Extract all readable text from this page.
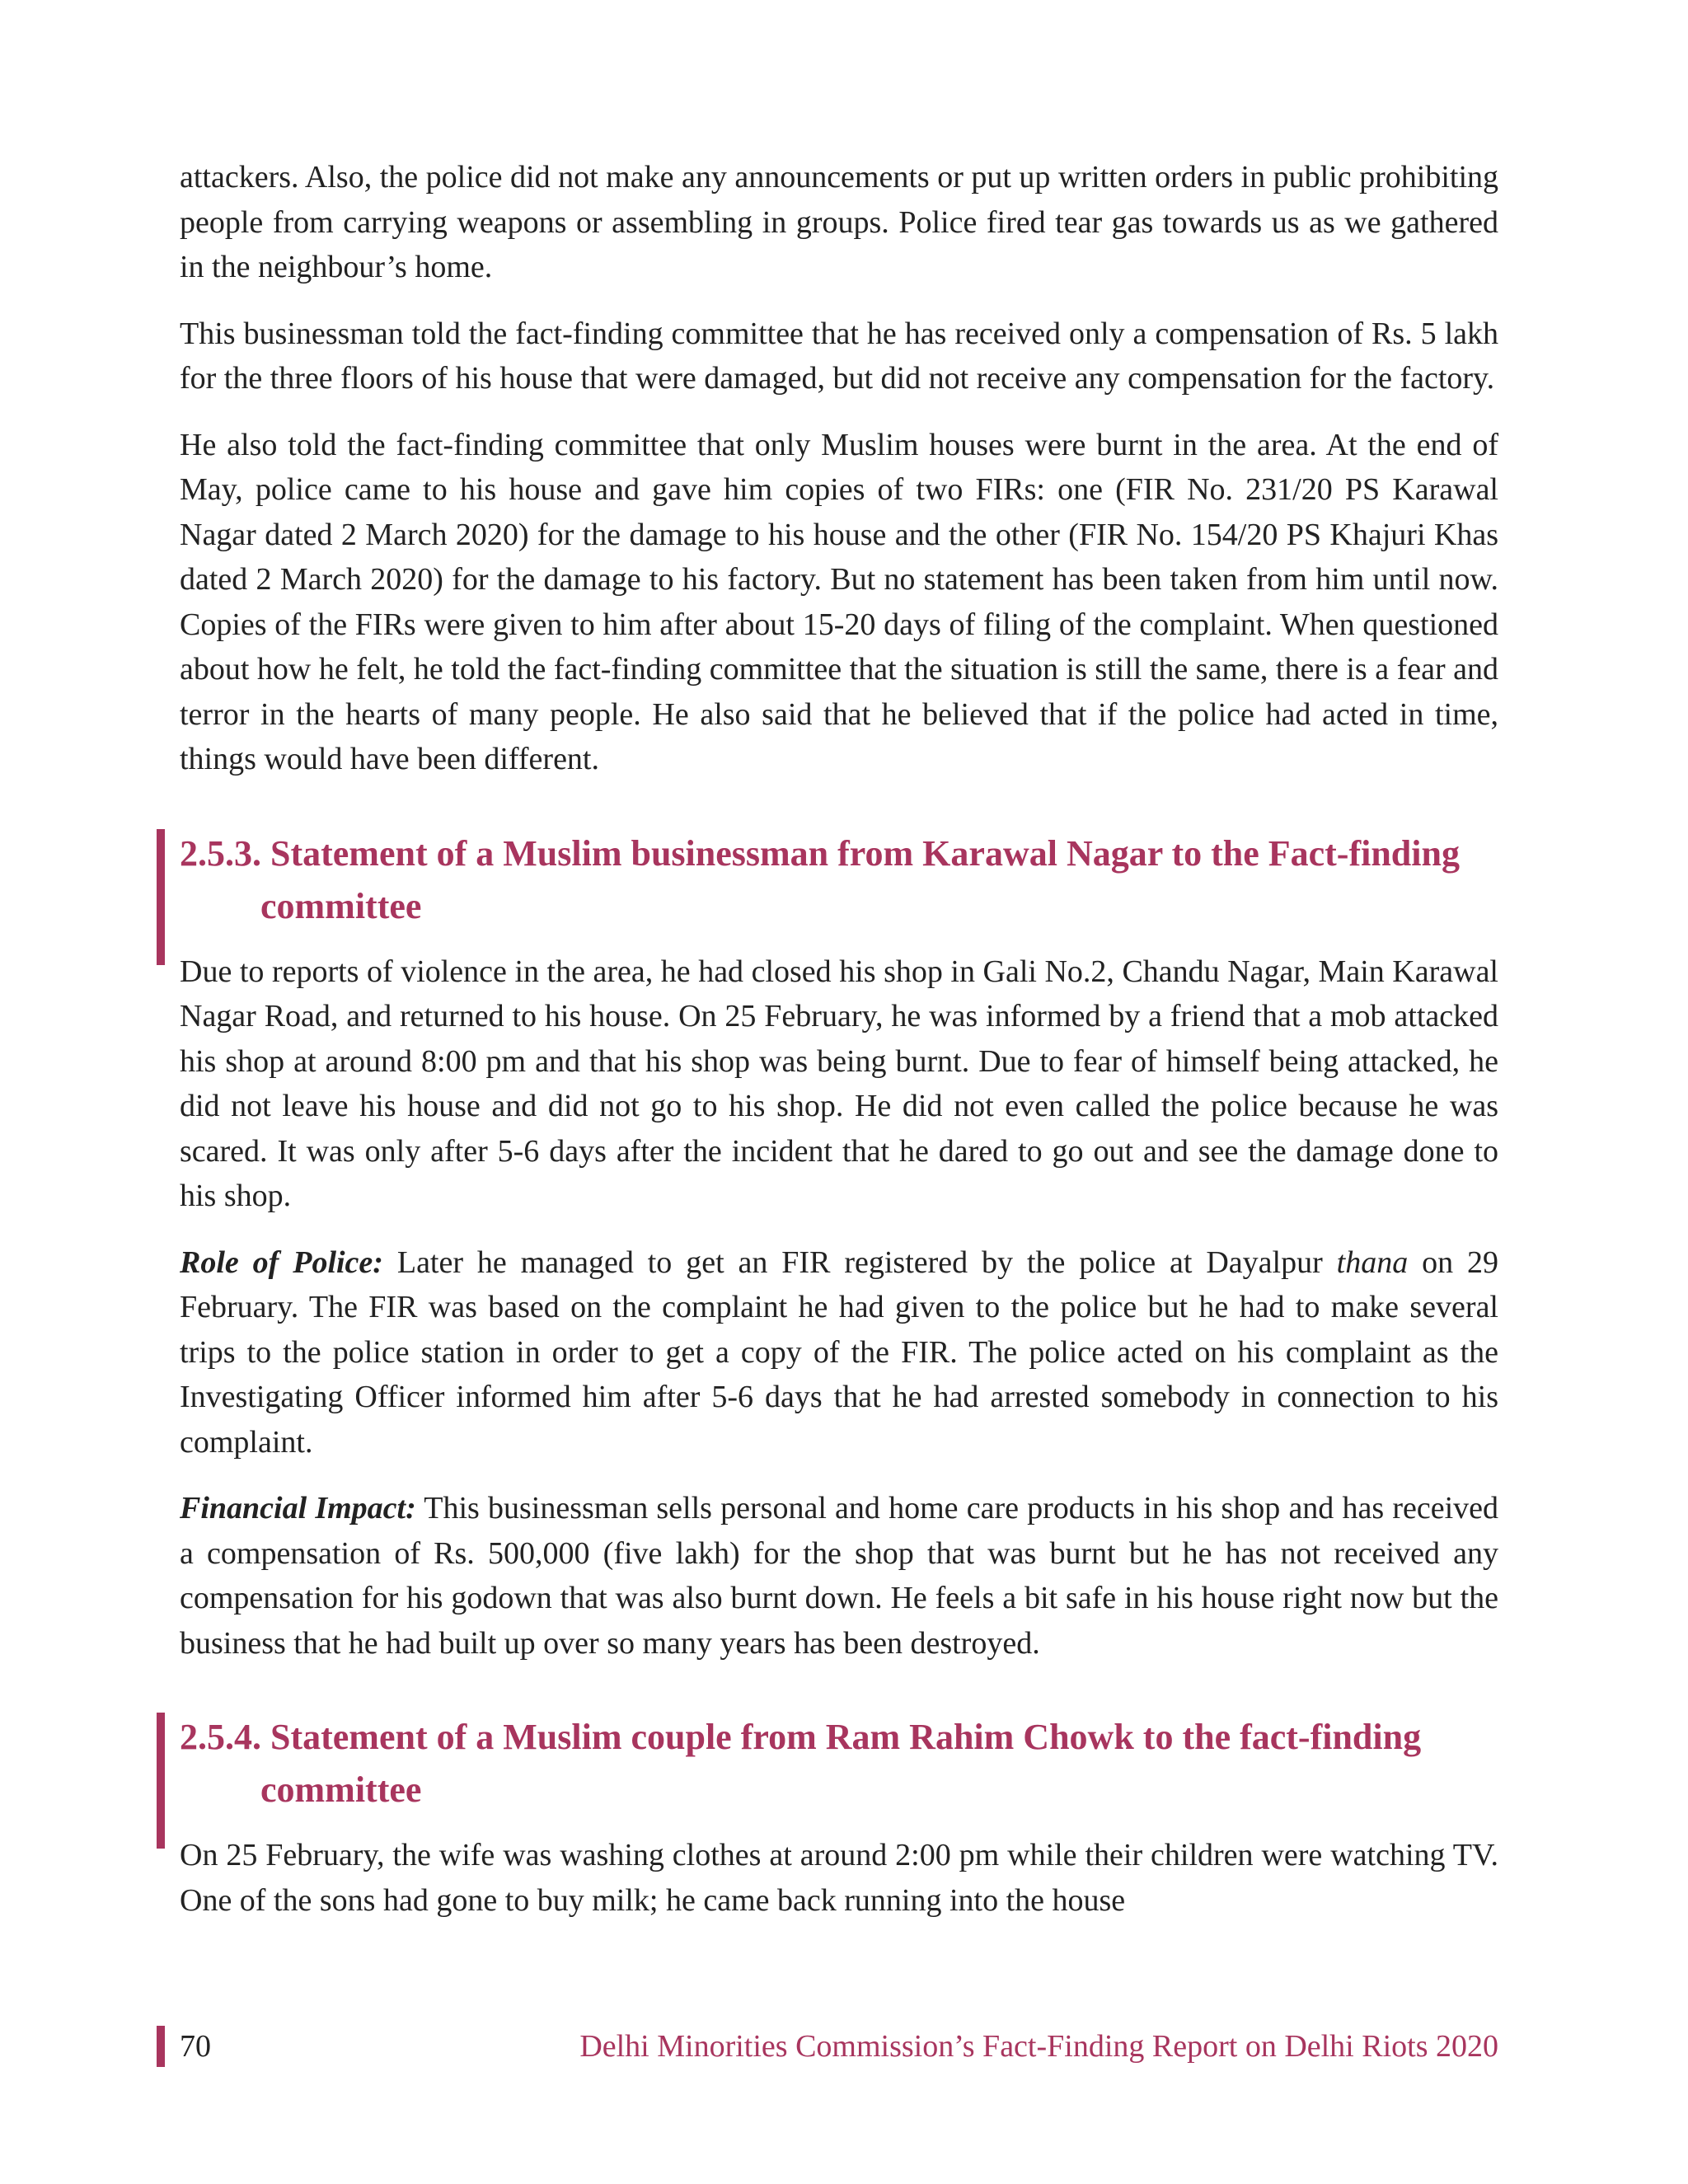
attackers. Also, the police did not make any announcements or put up written orders in public prohibiting people from carrying weapons or assembling in groups. Police fired tear gas towards us as we gathered in the neighbour’s home.

This businessman told the fact-finding committee that he has received only a compensation of Rs. 5 lakh for the three floors of his house that were damaged, but did not receive any compensation for the factory.

He also told the fact-finding committee that only Muslim houses were burnt in the area. At the end of May, police came to his house and gave him copies of two FIRs: one (FIR No. 231/20 PS Karawal Nagar dated 2 March 2020) for the damage to his house and the other (FIR No. 154/20 PS Khajuri Khas dated 2 March 2020) for the damage to his factory. But no statement has been taken from him until now. Copies of the FIRs were given to him after about 15-20 days of filing of the complaint. When questioned about how he felt, he told the fact-finding committee that the situation is still the same, there is a fear and terror in the hearts of many people. He also said that he believed that if the police had acted in time, things would have been different.

2.5.3. Statement of a Muslim businessman from Karawal Nagar to the Fact-finding committee

Due to reports of violence in the area, he had closed his shop in Gali No.2, Chandu Nagar, Main Karawal Nagar Road, and returned to his house. On 25 February, he was informed by a friend that a mob attacked his shop at around 8:00 pm and that his shop was being burnt. Due to fear of himself being attacked, he did not leave his house and did not go to his shop. He did not even called the police because he was scared. It was only after 5-6 days after the incident that he dared to go out and see the damage done to his shop.

Role of Police: Later he managed to get an FIR registered by the police at Dayalpur thana on 29 February. The FIR was based on the complaint he had given to the police but he had to make several trips to the police station in order to get a copy of the FIR. The police acted on his complaint as the Investigating Officer informed him after 5-6 days that he had arrested somebody in connection to his complaint.

Financial Impact: This businessman sells personal and home care products in his shop and has received a compensation of Rs. 500,000 (five lakh) for the shop that was burnt but he has not received any compensation for his godown that was also burnt down. He feels a bit safe in his house right now but the business that he had built up over so many years has been destroyed.

2.5.4. Statement of a Muslim couple from Ram Rahim Chowk to the fact-finding committee

On 25 February, the wife was washing clothes at around 2:00 pm while their children were watching TV. One of the sons had gone to buy milk; he came back running into the house

70	Delhi Minorities Commission’s Fact-Finding Report on Delhi Riots 2020
